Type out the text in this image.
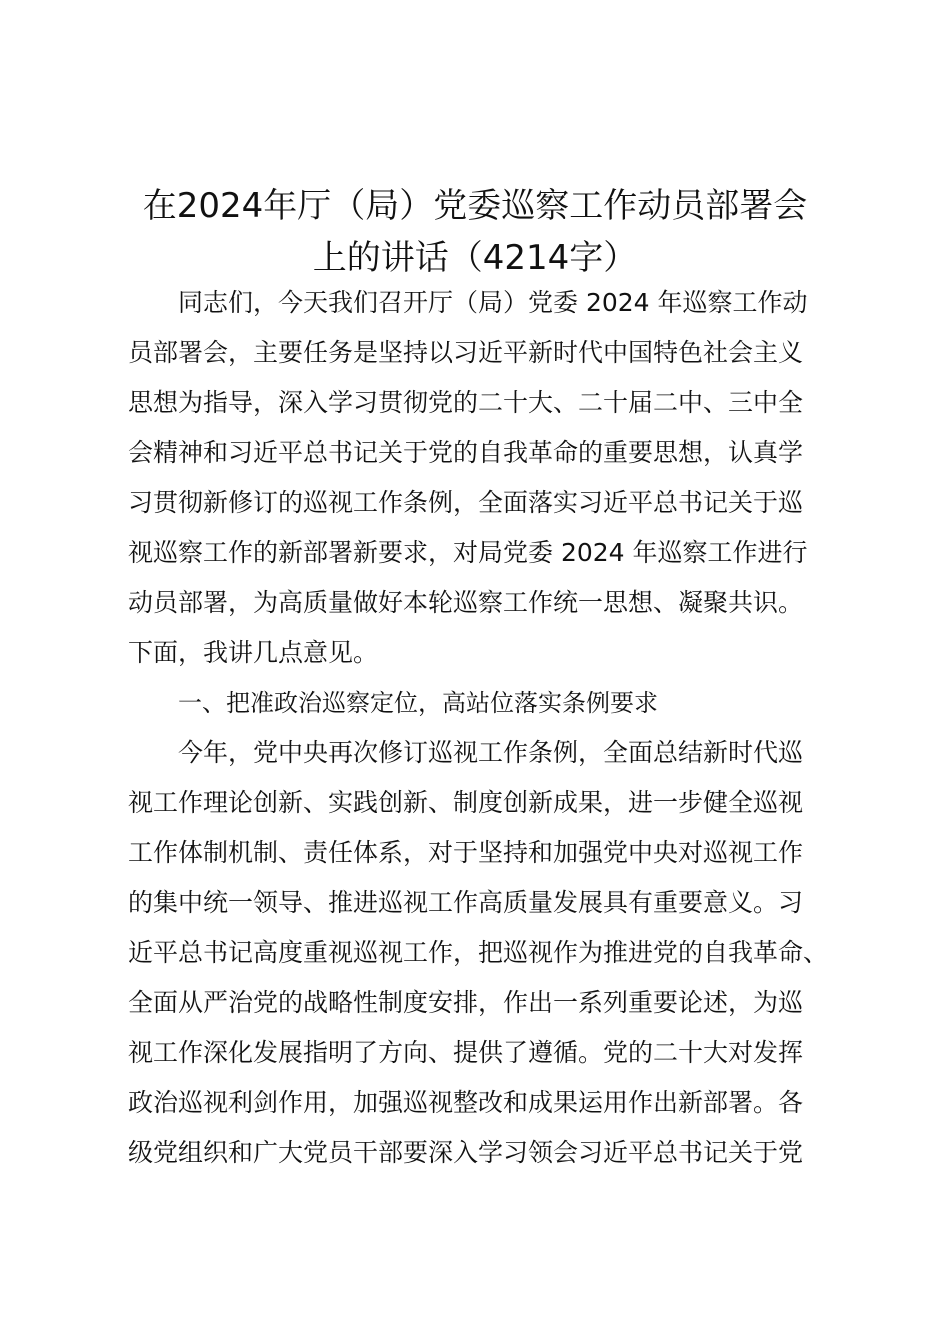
在2024年厅（局）党委巡察工作动员部署会
上的讲话（4214字）
同志们，今天我们召开厅（局）党委 2024 年巡察工作动
员部署会，主要任务是坚持以习近平新时代中国特色社会主义
思想为指导，深入学习贯彻党的二十大、二十届二中、三中全
会精神和习近平总书记关于党的自我革命的重要思想，认真学
习贯彻新修订的巡视工作条例，全面落实习近平总书记关于巡
视巡察工作的新部署新要求，对局党委 2024 年巡察工作进行
动员部署，为高质量做好本轮巡察工作统一思想、凝聚共识。
下面，我讲几点意见。
一、把准政治巡察定位，高站位落实条例要求
今年，党中央再次修订巡视工作条例，全面总结新时代巡
视工作理论创新、实践创新、制度创新成果，进一步健全巡视
工作体制机制、责任体系，对于坚持和加强党中央对巡视工作
的集中统一领导、推进巡视工作高质量发展具有重要意义。习
近平总书记高度重视巡视工作，把巡视作为推进党的自我革命、
全面从严治党的战略性制度安排，作出一系列重要论述，为巡
视工作深化发展指明了方向、提供了遵循。党的二十大对发挥
政治巡视利剑作用，加强巡视整改和成果运用作出新部署。各
级党组织和广大党员干部要深入学习领会习近平总书记关于党
